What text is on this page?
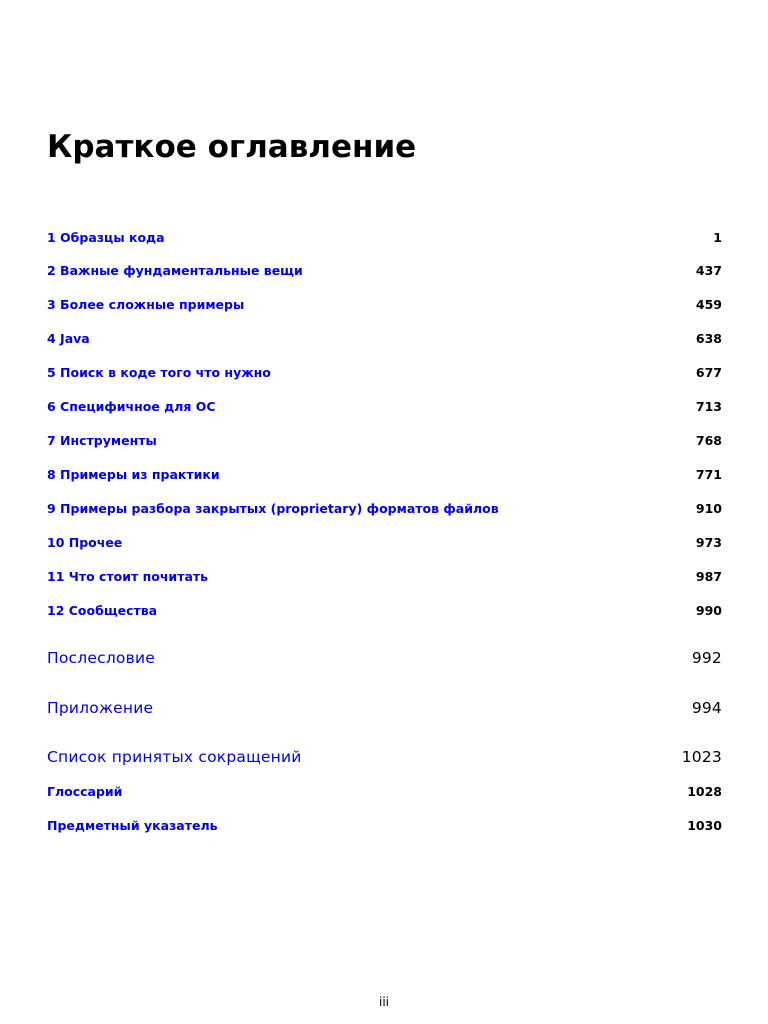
Краткое оглавление
1 Образцы кода	1
2 Важные фундаментальные вещи	437
3 Более сложные примеры	459
4 Java	638
5 Поиск в коде того что нужно	677
6 Специфичное для ОС	713
7 Инструменты	768
8 Примеры из практики	771
9 Примеры разбора закрытых (proprietary) форматов файлов	910
10 Прочее	973
11 Что стоит почитать	987
12 Сообщества	990
Послесловие	992
Приложение	994
Список принятых сокращений	1023
Глоссарий	1028
Предметный указатель	1030
iii
